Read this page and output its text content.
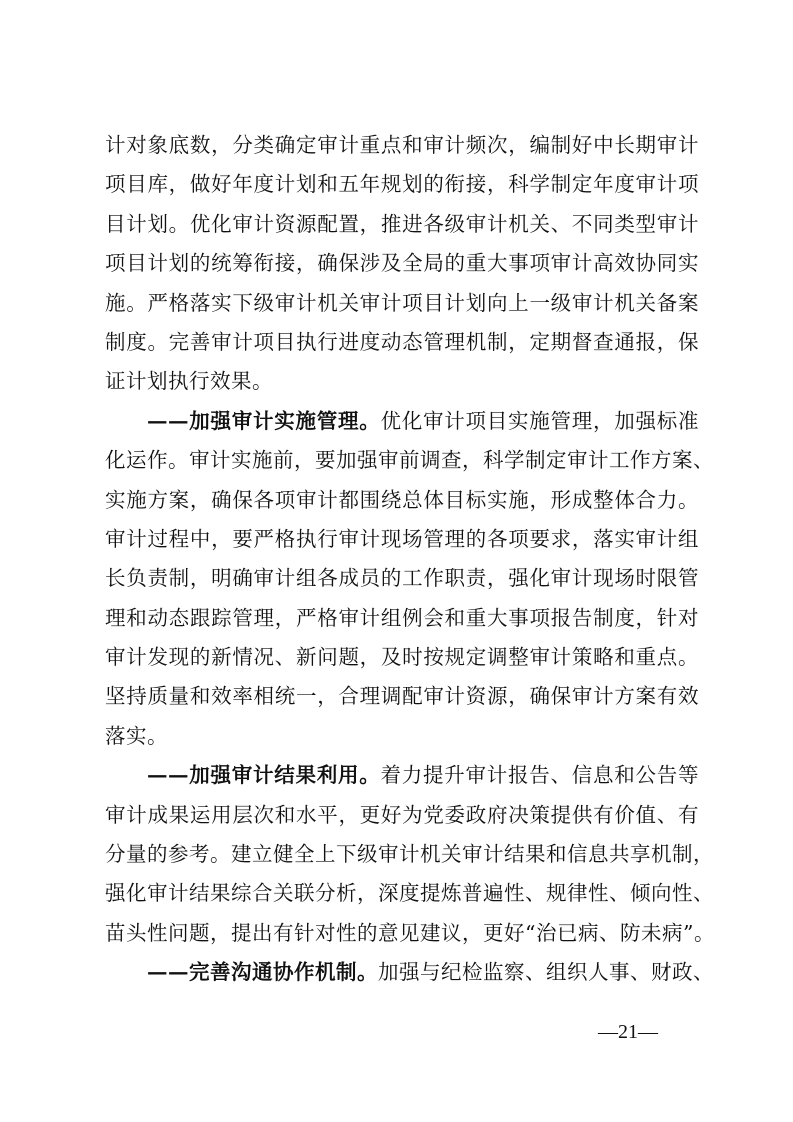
计对象底数，分类确定审计重点和审计频次，编制好中长期审计
项目库，做好年度计划和五年规划的衔接，科学制定年度审计项
目计划。优化审计资源配置，推进各级审计机关、不同类型审计
项目计划的统筹衔接，确保涉及全局的重大事项审计高效协同实
施。严格落实下级审计机关审计项目计划向上一级审计机关备案
制度。完善审计项目执行进度动态管理机制，定期督查通报，保
证计划执行效果。
——加强审计实施管理。优化审计项目实施管理，加强标准
化运作。审计实施前，要加强审前调查，科学制定审计工作方案、
实施方案，确保各项审计都围绕总体目标实施，形成整体合力。
审计过程中，要严格执行审计现场管理的各项要求，落实审计组
长负责制，明确审计组各成员的工作职责，强化审计现场时限管
理和动态跟踪管理，严格审计组例会和重大事项报告制度，针对
审计发现的新情况、新问题，及时按规定调整审计策略和重点。
坚持质量和效率相统一，合理调配审计资源，确保审计方案有效
落实。
——加强审计结果利用。着力提升审计报告、信息和公告等
审计成果运用层次和水平，更好为党委政府决策提供有价值、有
分量的参考。建立健全上下级审计机关审计结果和信息共享机制，
强化审计结果综合关联分析，深度提炼普遍性、规律性、倾向性、
苗头性问题，提出有针对性的意见建议，更好“治已病、防未病”。
——完善沟通协作机制。加强与纪检监察、组织人事、财政、
—21—
